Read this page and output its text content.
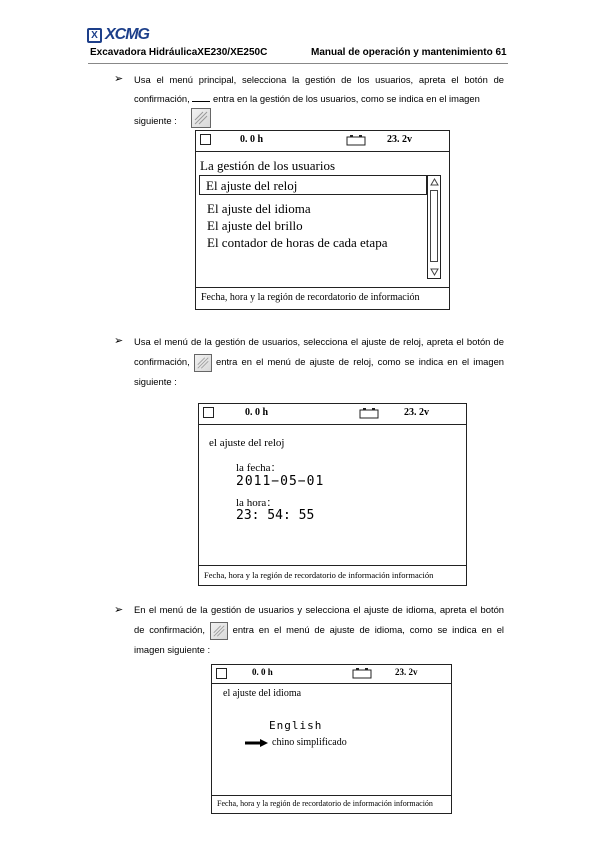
X XCMG
Excavadora HidráulicaXE230/XE250C	Manual de operación y mantenimiento 61
➢	Usa el menú principal, selecciona la gestión de los usuarios, apreta el botón de confirmación, entra en la gestión de los usuarios, como se indica en el imagen
siguiente :
0. 0 h	23. 2v
La gestión de los usuarios
El ajuste del reloj
El ajuste del idioma
El ajuste del brillo
El contador de horas de cada etapa
Fecha, hora y la región de recordatorio de información
➢	Usa el menú de la gestión de usuarios, selecciona el ajuste de reloj, apreta el botón de confirmación,	entra en el menú de ajuste de reloj, como se indica en el imagen siguiente :
0. 0 h	23. 2v
el ajuste del reloj
la fecha：
2011−05−01
la hora：
23: 54: 55
Fecha, hora y la región de recordatorio de información información
➢	En el menú de la gestión de usuarios y selecciona el ajuste de idioma, apreta el botón de confirmación,	entra en el menú de ajuste de idioma, como se indica en el imagen siguiente :
0. 0 h	23. 2v
el ajuste del idioma
English
chino simplificado
Fecha, hora y la región de recordatorio de información información
